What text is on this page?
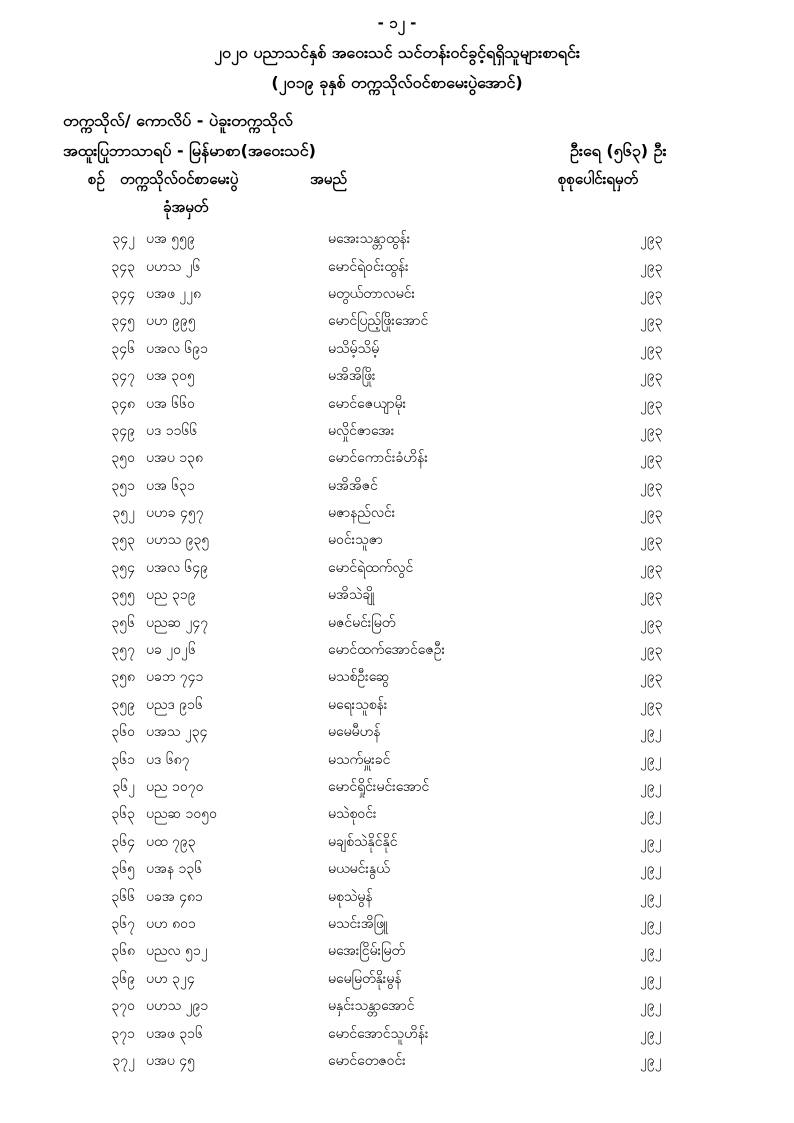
- ၁၂ -
၂၀၂၀ ပညာသင်နှစ် အဝေးသင် သင်တန်းဝင်ခွင့်ရရှိသူများစာရင်း
(၂၀၁၉ ခုနှစ် တက္ကသိုလ်ဝင်စာမေးပွဲအောင်)
တက္ကသိုလ်/ ကောလိပ် - ပဲခူးတက္ကသိုလ်
အထူးပြုဘာသာရပ် - မြန်မာစာ(အဝေးသင်)	ဦးရေ (၅၆၃) ဦး
စဉ် တက္ကသိုလ်ဝင်စာမေးပွဲ	အမည်	စုစုပေါင်းရမှတ်
ခုံအမှတ်
၃၄၂ ပအ ၅၅၉	မအေးသန္တာထွန်း	၂၉၃
၃၄၃ ပဟသ ၂၆	မောင်ရဲဝင်းထွန်း	၂၉၃
၃၄၄ ပအဖ ၂၂၈	မတွယ်တာလမင်း	၂၉၃
၃၄၅ ပဟ ၉၉၅	မောင်ပြည့်ဖြိုးအောင်	၂၉၃
၃၄၆ ပအလ ၆၉၁	မသိမ့်သိမ့်	၂၉၃
၃၄၇ ပအ ၃၀၅	မအိအိဖြိုး	၂၉၃
၃၄၈ ပအ ၆၆၀	မောင်ဇေယျာမိုး	၂၉၃
၃၄၉ ပဒ ၁၁၆၆	မလှိုင်ဇာအေး	၂၉၃
၃၅၀ ပအပ ၁၃၈	မောင်ကောင်းခံဟိန်း	၂၉၃
၃၅၁ ပအ ၆၃၁	မအိအိဇင်	၂၉၃
၃၅၂ ပဟခ ၄၅၇	မဇာနည်လင်း	၂၉၃
၃၅၃ ပဟသ ၉၃၅	မဝင်းသူဇာ	၂၉၃
၃၅၄ ပအလ ၆၄၉	မောင်ရဲထက်လွင်	၂၉၃
၃၅၅ ပည ၃၁၉	မအိသဲချို	၂၉၃
၃၅၆ ပညဆ ၂၄၇	မဇင်မင်းမြတ်	၂၉၃
၃၅၇ ပခ ၂၀၂၆	မောင်ထက်အောင်ဇေဦး	၂၉၃
၃၅၈ ပခဘ ၇၄၁	မသစ်ဦးဆွေ	၂၉၃
၃၅၉ ပညဒ ၉၁၆	မရေးသူစန်း	၂၉၃
၃၆၀ ပအသ ၂၃၄	မမေမီဟန်	၂၉၂
၃၆၁ ပဒ ၆၈၇	မသက်မှူးခင်	၂၉၂
၃၆၂ ပည ၁၀၇၀	မောင်ရှိုင်းမင်းအောင်	၂၉၂
၃၆၃ ပညဆ ၁၀၅၀	မသဲစုဝင်း	၂၉၂
၃၆၄ ပထ ၇၉၃	မချစ်သဲနိုင်နိုင်	၂၉၂
၃၆၅ ပအန ၁၃၆	မယမင်းနွယ်	၂၉၂
၃၆၆ ပခအ ၄၈၁	မစုသဲမွန်	၂၉၂
၃၆၇ ပဟ ၈၀၁	မသင်းအိဖြူ	၂၉၂
၃၆၈ ပညလ ၅၁၂	မအေးငြိမ်းမြတ်	၂၉၂
၃၆၉ ပဟ ၃၂၄	မမေမြတ်နိုးမွန်	၂၉၂
၃၇၀ ပဟသ ၂၉၁	မနှင်းသန္တာအောင်	၂၉၂
၃၇၁ ပအဖ ၃၁၆	မောင်အောင်သူဟိန်း	၂၉၂
၃၇၂ ပအပ ၄၅	မောင်တေဇဝင်း	၂၉၂
